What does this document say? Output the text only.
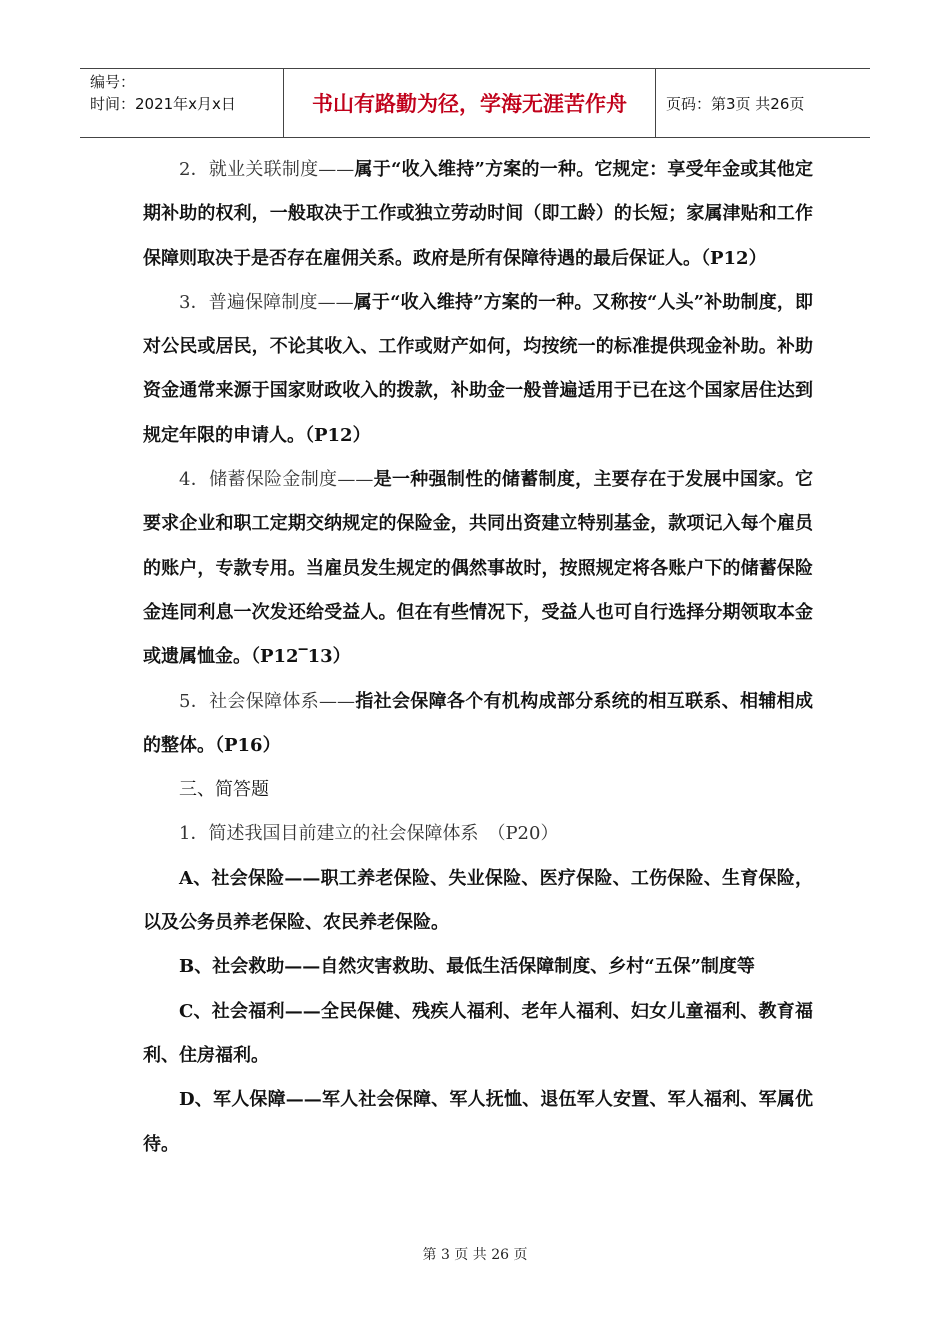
编号：
时间：2021年x月x日	书山有路勤为径，学海无涯苦作舟	页码：第3页 共26页

2．就业关联制度——属于“收入维持”方案的一种。它规定：享受年金或其他定期补助的权利，一般取决于工作或独立劳动时间（即工龄）的长短；家属津贴和工作保障则取决于是否存在雇佣关系。政府是所有保障待遇的最后保证人。（P12）

3．普遍保障制度——属于“收入维持”方案的一种。又称按“人头”补助制度，即对公民或居民，不论其收入、工作或财产如何，均按统一的标准提供现金补助。补助资金通常来源于国家财政收入的拨款，补助金一般普遍适用于已在这个国家居住达到规定年限的申请人。（P12）

4．储蓄保险金制度——是一种强制性的储蓄制度，主要存在于发展中国家。它要求企业和职工定期交纳规定的保险金，共同出资建立特别基金，款项记入每个雇员的账户，专款专用。当雇员发生规定的偶然事故时，按照规定将各账户下的储蓄保险金连同利息一次发还给受益人。但在有些情况下，受益人也可自行选择分期领取本金或遗属恤金。（P12‾13）

5．社会保障体系——指社会保障各个有机构成部分系统的相互联系、相辅相成的整体。（P16）

三、简答题

1．简述我国目前建立的社会保障体系　（P20）

A、社会保险——职工养老保险、失业保险、医疗保险、工伤保险、生育保险，以及公务员养老保险、农民养老保险。

B、社会救助——自然灾害救助、最低生活保障制度、乡村“五保”制度等

C、社会福利——全民保健、残疾人福利、老年人福利、妇女儿童福利、教育福利、住房福利。

D、军人保障——军人社会保障、军人抚恤、退伍军人安置、军人福利、军属优待。

第 3 页 共 26 页
